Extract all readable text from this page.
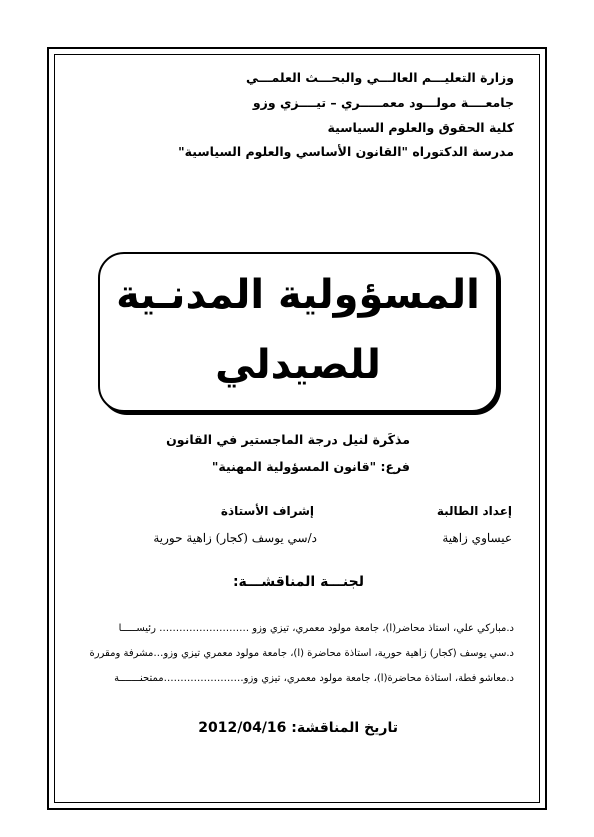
وزارة التعليـــم العالـــي والبحـــث العلمـــي
جامعــــة مولـــود معمـــــري – تيــــزي وزو
كلية الحقوق والعلوم السياسية
مدرسة الدكتوراه "القانون الأساسي والعلوم السياسية"
المسؤولية المدنـية
للصيدلي
مذكَرة لنيل درجة الماجستير في القانون
فرع: "قانون المسؤولية المهنية"
إعداد الطالبة
إشراف الأستاذة
عيساوي زاهية
د/سي يوسف (كجار) زاهية حورية
لجنـــة المناقشـــة:
د.مباركي علي، أستاذ محاضر(أ)، جامعة مولود معمري، تيزي وزو ……………………… رئيســـــا
د.سي يوسف (كجار) زاهية حورية، أستاذة محاضرة (أ)، جامعة مولود معمري تيزي وزو…مشرفة ومقررة
د.معاشو فطة، أستاذة محاضرة(أ)، جامعة مولود معمري، تيزي وزو……………………ممتحنـــــــة
تاريخ المناقشة: 2012/04/16
